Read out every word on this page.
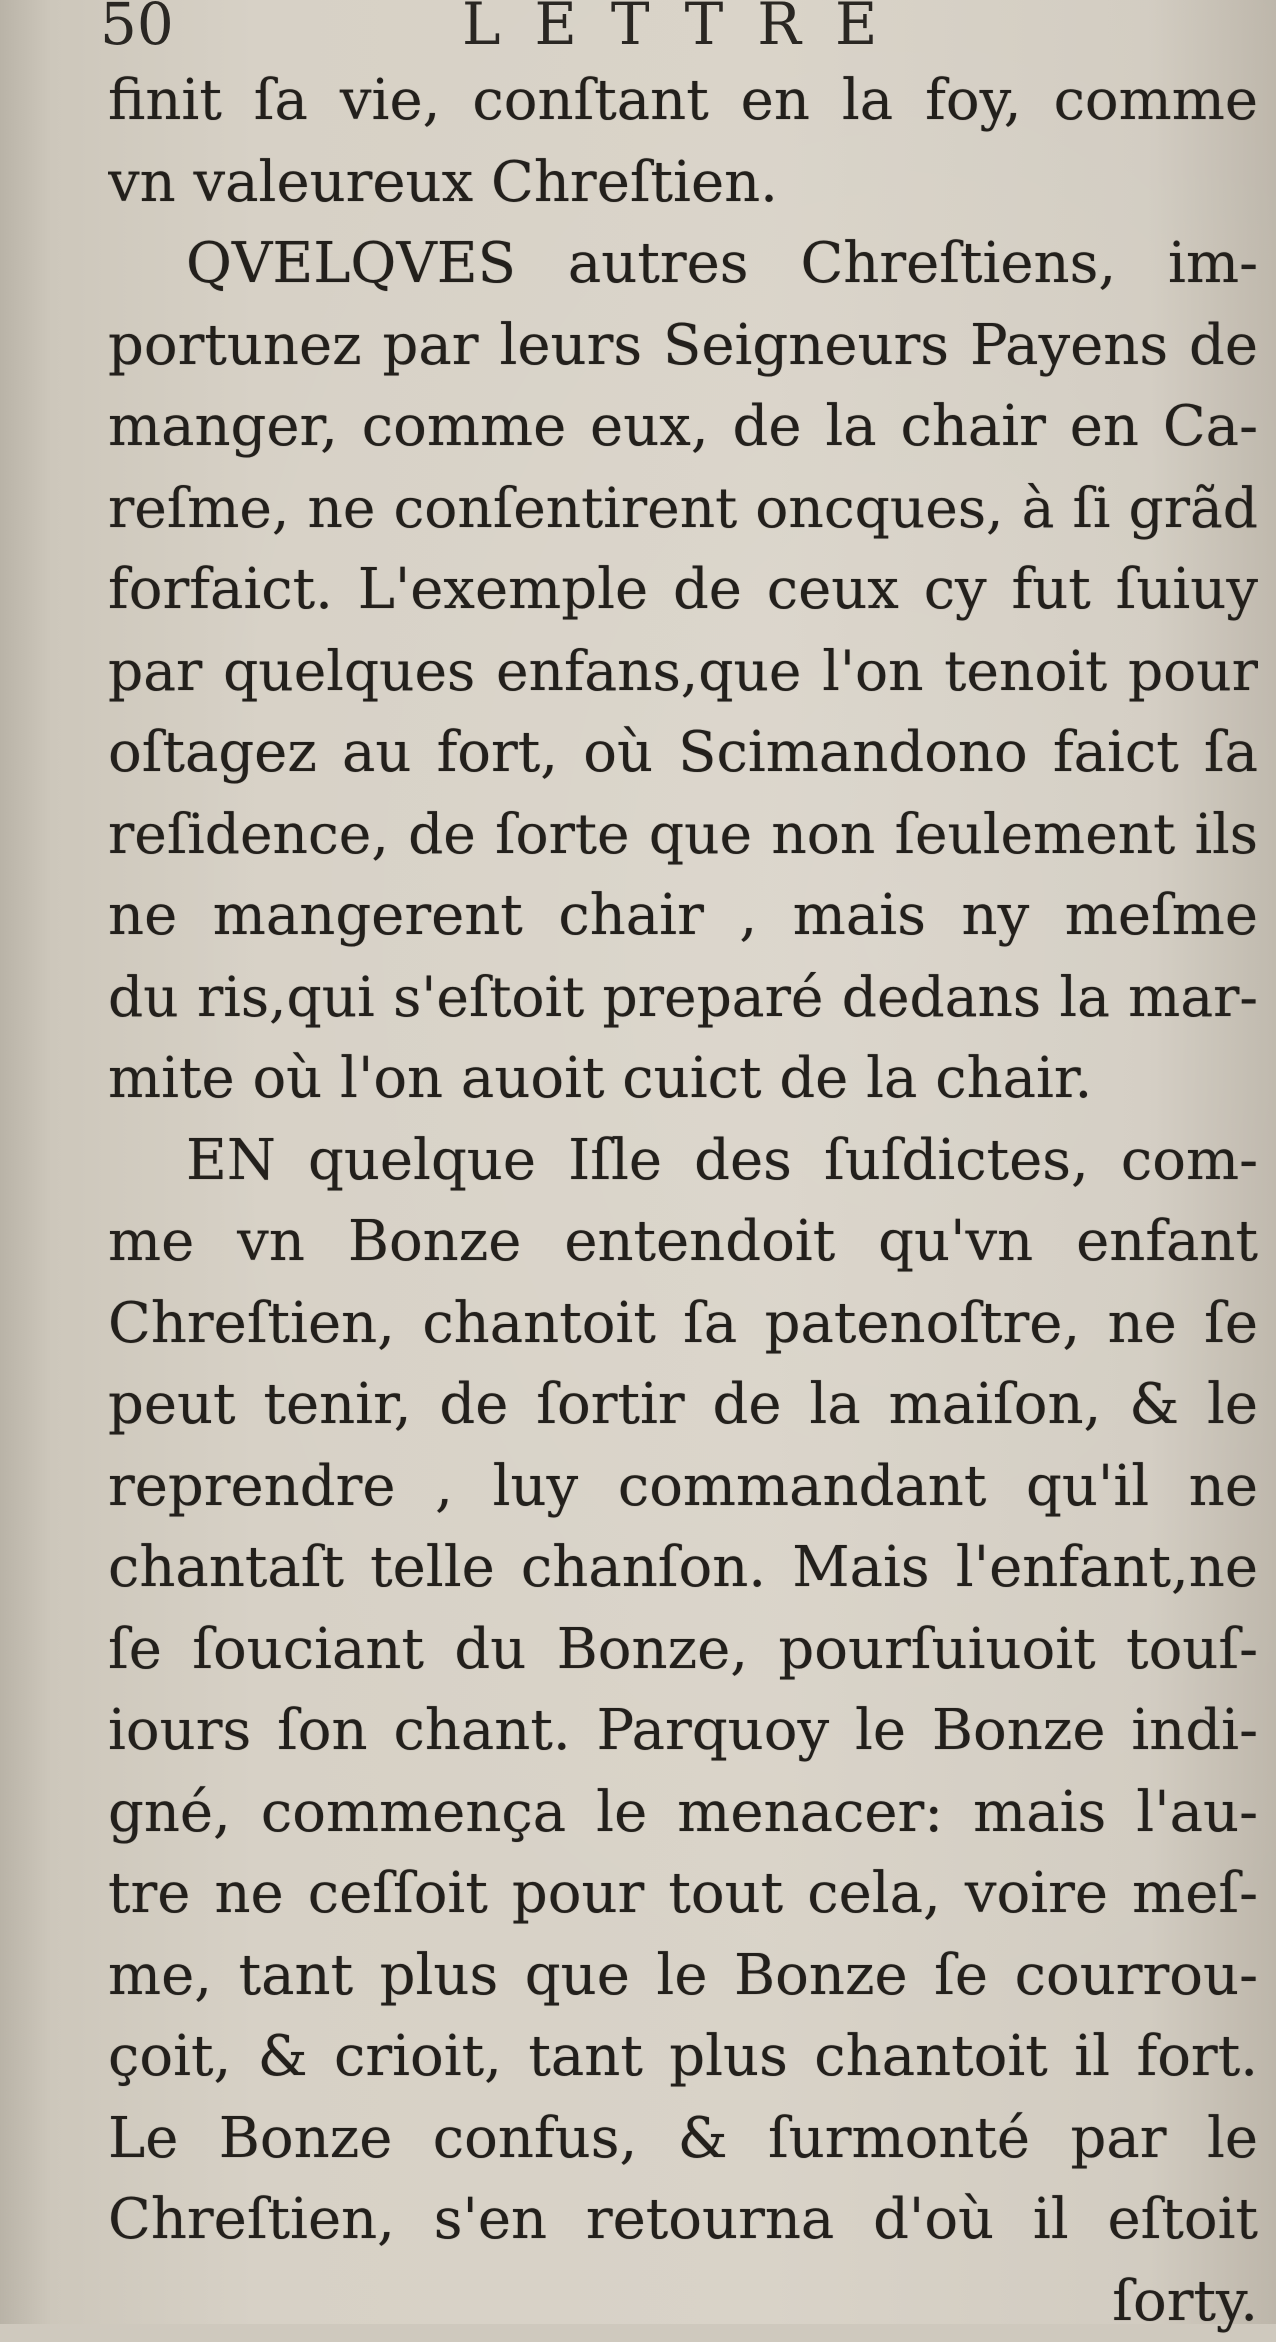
50	LETTRE
finit ſa vie, conſtant en la foy, comme
vn valeureux Chreſtien.
QVELQVES autres Chreſtiens, im-
portunez par leurs Seigneurs Payens de
manger, comme eux, de la chair en Ca-
reſme, ne conſentirent oncques, à ſi grãd
forfaict. L'exemple de ceux cy fut ſuiuy
par quelques enfans,que l'on tenoit pour
oſtagez au fort, où Scimandono faict ſa
reſidence, de ſorte que non ſeulement ils
ne mangerent chair , mais ny meſme
du ris,qui s'eſtoit preparé dedans la mar-
mite où l'on auoit cuict de la chair.
EN quelque Iſle des ſuſdictes, com-
me vn Bonze entendoit qu'vn enfant
Chreſtien, chantoit ſa patenoſtre, ne ſe
peut tenir, de ſortir de la maiſon, & le
reprendre , luy commandant qu'il ne
chantaſt telle chanſon. Mais l'enfant,ne
ſe ſouciant du Bonze, pourſuiuoit touſ-
iours ſon chant. Parquoy le Bonze indi-
gné, commença le menacer: mais l'au-
tre ne ceſſoit pour tout cela, voire meſ-
me, tant plus que le Bonze ſe courrou-
çoit, & crioit, tant plus chantoit il fort.
Le Bonze confus, & ſurmonté par le
Chreſtien, s'en retourna d'où il eſtoit
ſorty.
